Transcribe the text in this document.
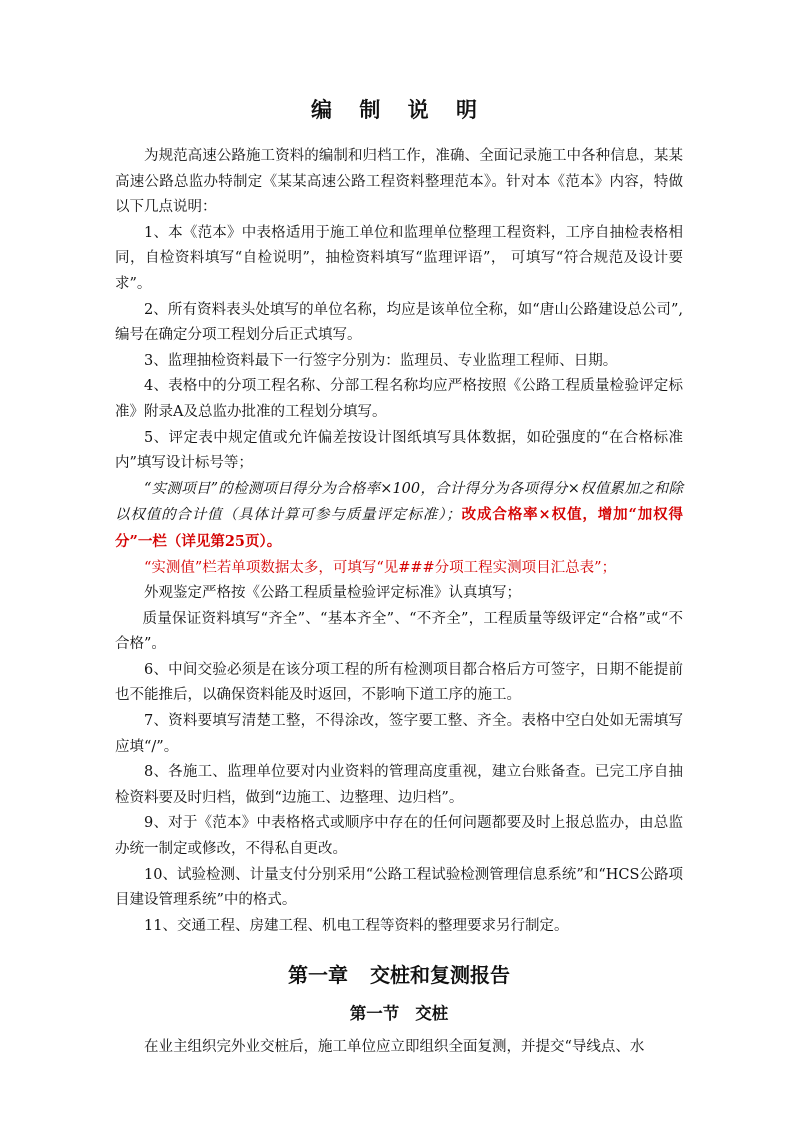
编 制 说 明

为规范高速公路施工资料的编制和归档工作，准确、全面记录施工中各种信息，某某高速公路总监办特制定《某某高速公路工程资料整理范本》。针对本《范本》内容，特做以下几点说明：

1、本《范本》中表格适用于施工单位和监理单位整理工程资料，工序自抽检表格相同，自检资料填写“自检说明”，抽检资料填写“监理评语”， 可填写“符合规范及设计要求”。

2、所有资料表头处填写的单位名称，均应是该单位全称，如“唐山公路建设总公司”,编号在确定分项工程划分后正式填写。

3、监理抽检资料最下一行签字分别为：监理员、专业监理工程师、日期。

4、表格中的分项工程名称、分部工程名称均应严格按照《公路工程质量检验评定标准》附录A及总监办批准的工程划分填写。

5、评定表中规定值或允许偏差按设计图纸填写具体数据，如砼强度的“在合格标准内”填写设计标号等；

“实测项目”的检测项目得分为合格率×100，合计得分为各项得分×权值累加之和除以权值的合计值（具体计算可参与质量评定标准）；改成合格率×权值，增加“加权得分”一栏（详见第25页）。

“实测值”栏若单项数据太多，可填写“见###分项工程实测项目汇总表”；

外观鉴定严格按《公路工程质量检验评定标准》认真填写；

质量保证资料填写“齐全”、“基本齐全”、“不齐全”，工程质量等级评定“合格”或“不合格”。

6、中间交验必须是在该分项工程的所有检测项目都合格后方可签字，日期不能提前也不能推后，以确保资料能及时返回，不影响下道工序的施工。

7、资料要填写清楚工整，不得涂改，签字要工整、齐全。表格中空白处如无需填写应填“/”。

8、各施工、监理单位要对内业资料的管理高度重视，建立台账备查。已完工序自抽检资料要及时归档，做到“边施工、边整理、边归档”。

9、对于《范本》中表格格式或顺序中存在的任何问题都要及时上报总监办，由总监办统一制定或修改，不得私自更改。

10、试验检测、计量支付分别采用“公路工程试验检测管理信息系统”和“HCS公路项目建设管理系统”中的格式。

11、交通工程、房建工程、机电工程等资料的整理要求另行制定。

第一章 交桩和复测报告
第一节 交桩

在业主组织完外业交桩后，施工单位应立即组织全面复测，并提交“导线点、水
